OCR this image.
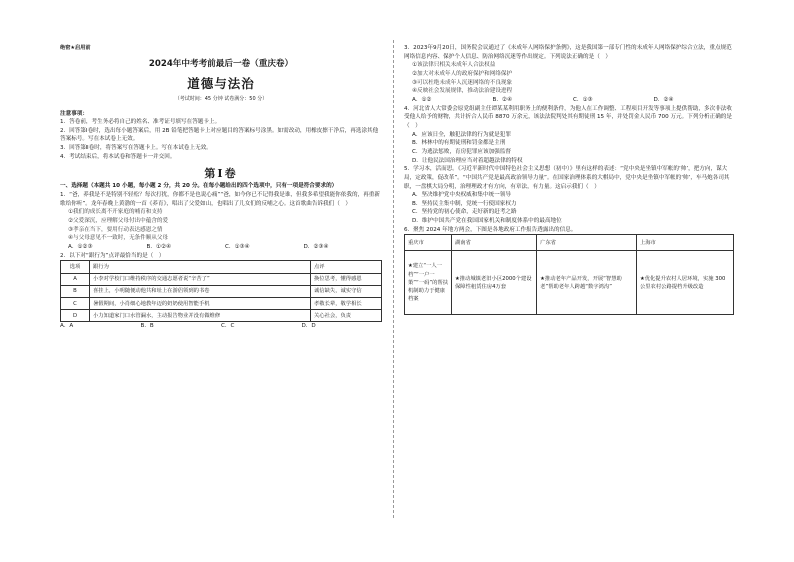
绝密★启用前

2024年中考考前最后一卷（重庆卷）

道德与法治

（考试时间：45 分钟 试卷满分：50 分）

注意事项：

1．答卷前，考生务必将自己的姓名、准考证号填写在答题卡上。

2．回答第Ⅰ卷时，选出每小题答案后，用 2B 铅笔把答题卡上对应题目的答案标号涂黑。如需改动，用橡皮擦干净后，再选涂其他答案标号。写在本试卷上无效。

3．回答第Ⅱ卷时，将答案写在答题卡上。写在本试卷上无效。

4．考试结束后，将本试卷和答题卡一并交回。

第Ⅰ卷

一、选择题（本题共 10 小题，每小题 2 分，共 20 分。在每小题给出的四个选项中，只有一项是符合要求的）

1．“爸，养我是不是特别不轻松？每次打扰，你都不是也说心痛”“爸，如今你已不记得我是谁，但我多希望我能你依我的，再重新歌给你听”。龙年春晚上黄渤的一首《养育》，唱出了父爱如山，也唱出了儿女们的反哺之心。这首歌曲告诉我们（　）

①我们的成长离不开家庭的哺育和支持

②父爱深沉，应理解父母付出中蕴含的爱

③孝亲在当下，要用行动表达感恩之情

④与父母意见不一致时，无条件顺从父母

A．①②③	B．①②④	C．①③④	D．②③④

2．以下对“跟行为”点评最恰当的是（　）

选项	跟行为	点评
A	小李对学校门口维持秩序的交通志愿者说“辛苦了”	换位思考，懂得感恩
B	喜挂上，小明随便动他共和址上在游侣领到的书卷	诚信缺失，诚实守信
C	暑假期间，小肖细心地教年迈的奶奶使用智能手机	孝敬长辈，敬学相长
D	小力知道家门口水管漏水，主动报告物业并没有做维修	关心社会，负责
A．A	B．B	C．C	D．D

3．2023年9月20日，国务院会议通过了《未成年人网络保护条例》，这是我国第一部专门性的未成年人网络保护综合立法，重点规范网络信息内容、保护个人信息、防治网络沉迷等作出规定。下列说法正确的是（　）

①该法律只相关未成年人合法权益

②加大对未成年人的政府保护和网络保护

③可以杜绝未成年人沉迷网络的不良现象

④反映社会发展规律，推动法治建设进程

A．①②	B．②④	C．①③	D．②④

4．河北省人大常委会原党组副主任谭某某利用职务上的便利条件，为他人在工作调整、工程项目开发等事项上提供帮助，多次非法收受他人给予的财物，共计折合人民币 8870 万余元，该法法院判处其有期徒刑 15 年，并处罚金人民币 700 万元。下列分析正确的是（　）

A．应该日全，触犯法律的行为就是犯罪

B．林林中的有期徒刑和罚金都是主刑

C．为逃法惩败，育房犯罪应该加强监督

D．让他民法国治理应当对着超越法律的特权

5．学习本，活而思。《习近平新时代中国特色社会主义思想（初中）》里有这样的表述：“党中央是坐镇中军帐的‘帅’，把方向，谋大局，定政策，促改革”。“中国共产党是最高政治领导力量”。在国家治理体系的大棋局中，党中央是坐镇中军帐的‘帅’，车马炮各司其职，一盘棋大局分明，治理理政才有方向，有章法，有力量。这启示我们（　）

A．坚决维护党中央权威和集中统一领导

B．坚持民主集中制，党统一行使国家权力

C．坚持党的初心使命，走好新的赶考之路

D．维护中国共产党在我国国家机关和制度体系中的最高地位

6．聚焦 2024 年地方两会，下图是各地政府工作报告透露出的信息。

重庆市	湖南省	广东省	上海市
★建立“一人一档”“一户一策”“一码”的帮扶机制助力于健康档案	★推动城镇老旧小区2000个建设保障性租赁住房4万套	★推动老年产品开发，开展“智慧助老”帮助老年人跨越“数字鸿沟”	★优化提升农村人居环境，实施 300 公里农村公路提档升级改造
